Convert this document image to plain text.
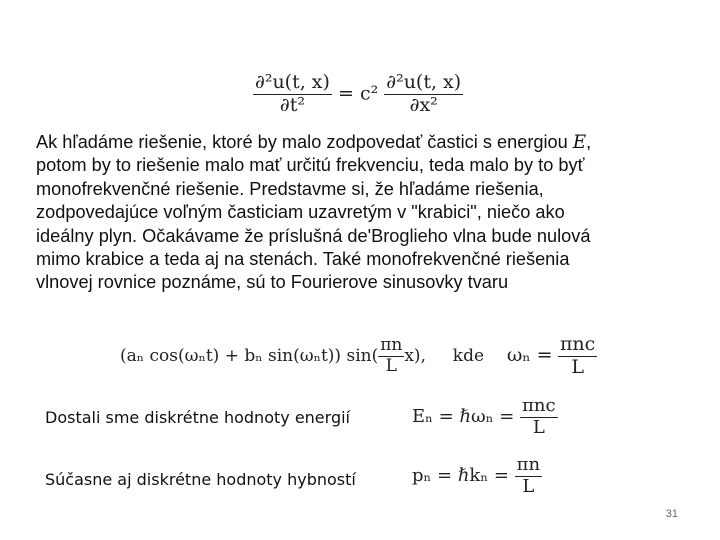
$\frac{\text{∂²u(t, x)}}{\text{∂t²}} = c^2 \frac{\text{∂²u(t, x)}}{\text{∂x²}}$
Ak hľadáme riešenie, ktoré by malo zodpovedať častici s energiou E,
potom by to riešenie malo mať určitú frekvenciu, teda malo by to byť
monofrekvenčné riešenie. Predstavme si, že hľadáme riešenia,
zodpovedajúce voľným časticiam uzavretým v "krabici", niečo ako
ideálny plyn. Očakávame že príslušná de'Broglieho vlna bude nulová
mimo krabice a teda aj na stenách. Také monofrekvenčné riešenia
vlnovej rovnice poznáme, sú to Fourierove sinusovky tvaru
(aₙ cos(ωₙt) + bₙ sin(ωₙt)) $\sin( \frac{\pi n}{L} x)$, kde $\omega_n = \frac{\text{πnc}}{L}$
Dostali sme diskrétne hodnoty energií	Eₙ = ℏωₙ = $\frac{\text{πnc}}{L}$
Súčasne aj diskrétne hodnoty hybností	pₙ = ℏkₙ = $\frac{\pi n}{L}$
31
